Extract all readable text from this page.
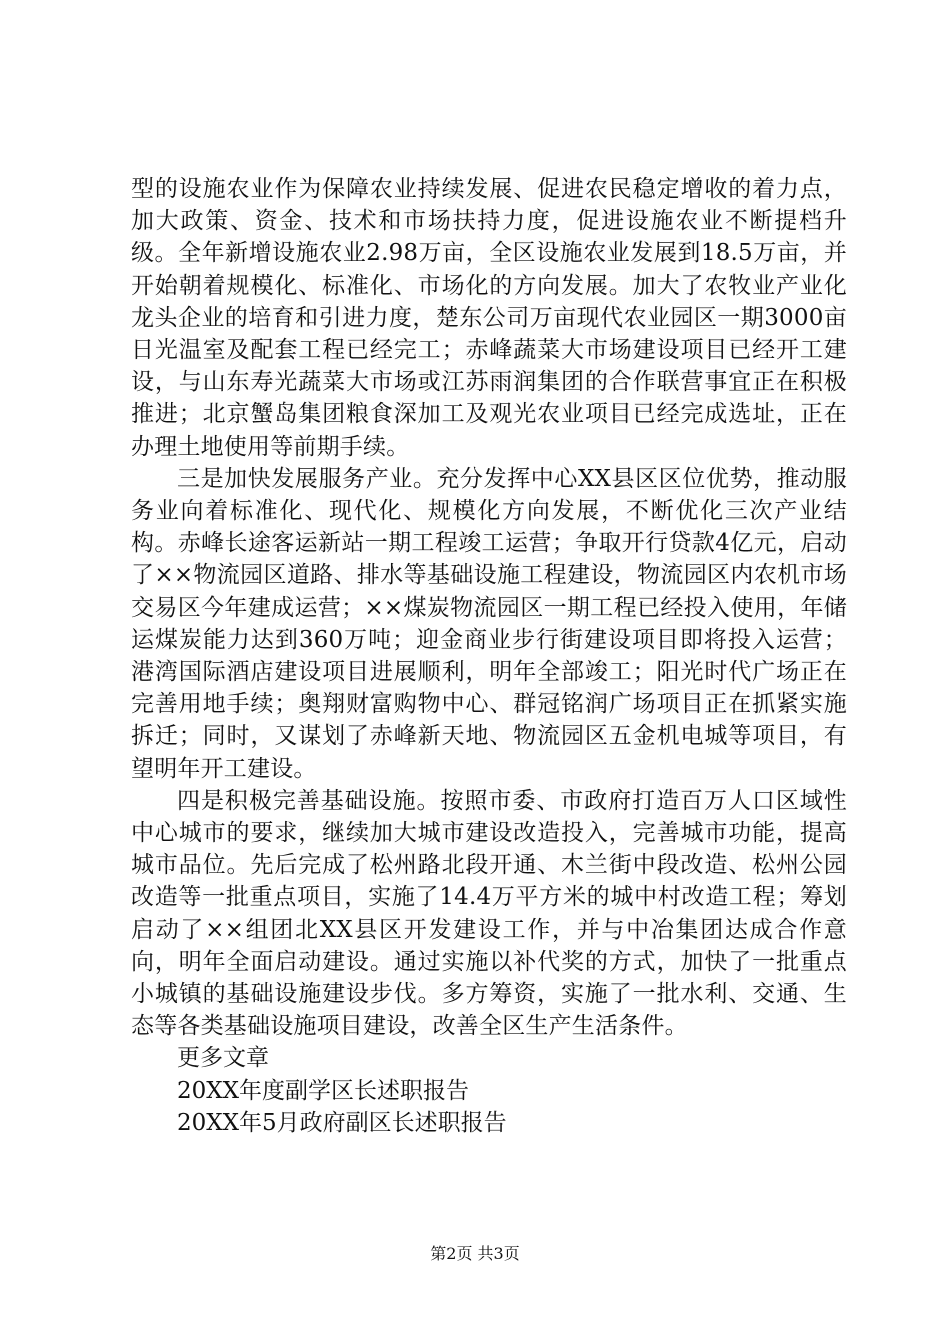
型的设施农业作为保障农业持续发展、促进农民稳定增收的着力点，加大政策、资金、技术和市场扶持力度，促进设施农业不断提档升级。全年新增设施农业2.98万亩，全区设施农业发展到18.5万亩，并开始朝着规模化、标准化、市场化的方向发展。加大了农牧业产业化龙头企业的培育和引进力度，楚东公司万亩现代农业园区一期3000亩日光温室及配套工程已经完工；赤峰蔬菜大市场建设项目已经开工建设，与山东寿光蔬菜大市场或江苏雨润集团的合作联营事宜正在积极推进；北京蟹岛集团粮食深加工及观光农业项目已经完成选址，正在办理土地使用等前期手续。

三是加快发展服务产业。充分发挥中心XX县区区位优势，推动服务业向着标准化、现代化、规模化方向发展，不断优化三次产业结构。赤峰长途客运新站一期工程竣工运营；争取开行贷款4亿元，启动了××物流园区道路、排水等基础设施工程建设，物流园区内农机市场交易区今年建成运营；××煤炭物流园区一期工程已经投入使用，年储运煤炭能力达到360万吨；迎金商业步行街建设项目即将投入运营；港湾国际酒店建设项目进展顺利，明年全部竣工；阳光时代广场正在完善用地手续；奥翔财富购物中心、群冠铭润广场项目正在抓紧实施拆迁；同时，又谋划了赤峰新天地、物流园区五金机电城等项目，有望明年开工建设。

四是积极完善基础设施。按照市委、市政府打造百万人口区域性中心城市的要求，继续加大城市建设改造投入，完善城市功能，提高城市品位。先后完成了松州路北段开通、木兰街中段改造、松州公园改造等一批重点项目，实施了14.4万平方米的城中村改造工程；筹划启动了××组团北XX县区开发建设工作，并与中冶集团达成合作意向，明年全面启动建设。通过实施以补代奖的方式，加快了一批重点小城镇的基础设施建设步伐。多方筹资，实施了一批水利、交通、生态等各类基础设施项目建设，改善全区生产生活条件。

更多文章

20XX年度副学区长述职报告
20XX年5月政府副区长述职报告
第2页 共3页
